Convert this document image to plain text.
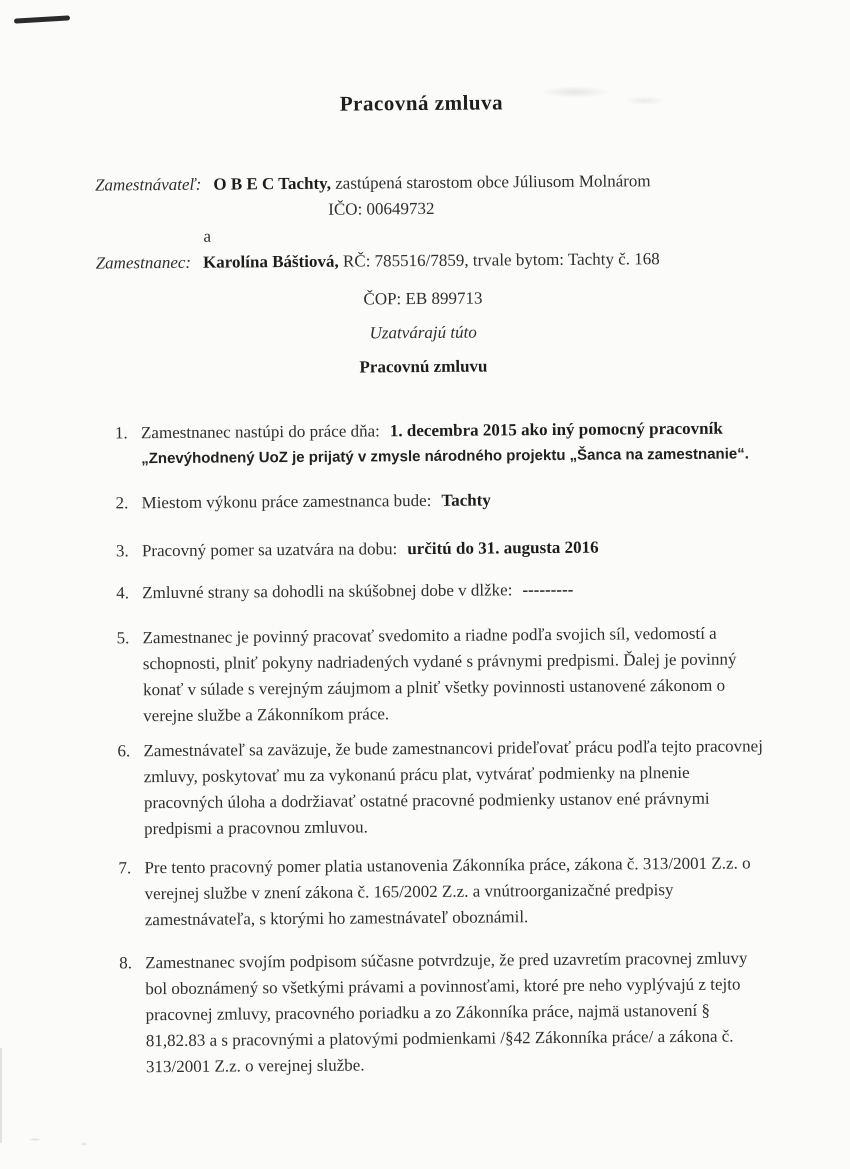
Pracovná zmluva
Zamestnávateľ: O B E C Tachty, zastúpená starostom obce Júliusom Molnárom
IČO: 00649732
a
Zamestnanec: Karolína Báštiová, RČ: 785516/7859, trvale bytom: Tachty č. 168
ČOP: EB 899713
Uzatvárajú túto
Pracovnú zmluvu
1. Zamestnanec nastúpi do práce dňa: 1. decembra 2015 ako iný pomocný pracovník
„Znevýhodnený UoZ je prijatý v zmysle národného projektu „Šanca na zamestnanie“.
2. Miestom výkonu práce zamestnanca bude: Tachty
3. Pracovný pomer sa uzatvára na dobu: určitú do 31. augusta 2016
4. Zmluvné strany sa dohodli na skúšobnej dobe v dlžke: ---------
5. Zamestnanec je povinný pracovať svedomito a riadne podľa svojich síl, vedomostí a schopnosti, plniť pokyny nadriadených vydané s právnymi predpismi. Ďalej je povinný konať v súlade s verejným záujmom a plniť všetky povinnosti ustanovené zákonom o verejne službe a Zákonníkom práce.
6. Zamestnávateľ sa zaväzuje, že bude zamestnancovi prideľovať prácu podľa tejto pracovnej zmluvy, poskytovať mu za vykonanú prácu plat, vytvárať podmienky na plnenie pracovných úloha a dodržiavať ostatné pracovné podmienky ustanov ené právnymi predpismi a pracovnou zmluvou.
7. Pre tento pracovný pomer platia ustanovenia Zákonníka práce, zákona č. 313/2001 Z.z. o verejnej službe v znení zákona č. 165/2002 Z.z. a vnútroorganizačné predpisy zamestnávateľa, s ktorými ho zamestnávateľ oboznámil.
8. Zamestnanec svojím podpisom súčasne potvrdzuje, že pred uzavretím pracovnej zmluvy bol oboznámený so všetkými právami a povinnosťami, ktoré pre neho vyplývajú z tejto pracovnej zmluvy, pracovného poriadku a zo Zákonníka práce, najmä ustanovení § 81,82.83 a s pracovnými a platovými podmienkami /§42 Zákonníka práce/ a zákona č. 313/2001 Z.z. o verejnej službe.
